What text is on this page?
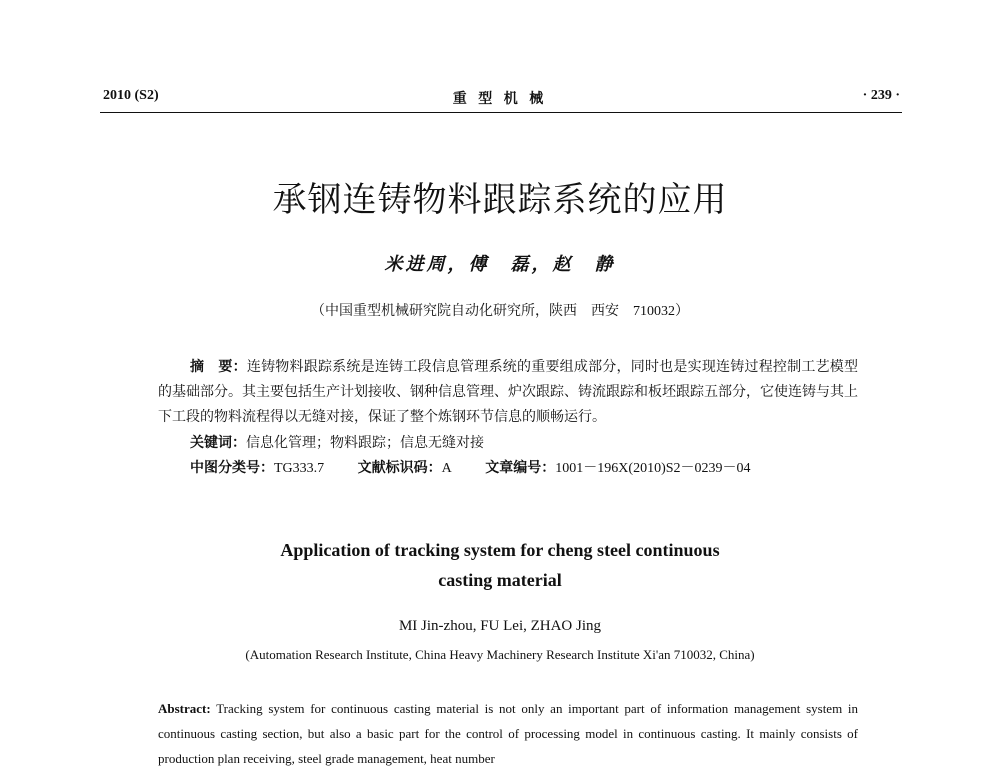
2010 (S2)	重 型 机 械	· 239 ·
承钢连铸物料跟踪系统的应用
米进周，傅　磊，赵　静
（中国重型机械研究院自动化研究所，陕西　西安　710032）
摘　要：连铸物料跟踪系统是连铸工段信息管理系统的重要组成部分，同时也是实现连铸过程控制工艺模型的基础部分。其主要包括生产计划接收、钢种信息管理、炉次跟踪、铸流跟踪和板坯跟踪五部分，它使连铸与其上下工段的物料流程得以无缝对接，保证了整个炼钢环节信息的顺畅运行。
关键词：信息化管理；物料跟踪；信息无缝对接
中图分类号：TG333.7 文献标识码：A 文章编号：1001－196X(2010)S2－0239－04
Application of tracking system for cheng steel continuous
casting material
MI Jin-zhou, FU Lei, ZHAO Jing
(Automation Research Institute, China Heavy Machinery Research Institute Xi'an 710032, China)
Abstract: Tracking system for continuous casting material is not only an important part of information management system in continuous casting section, but also a basic part for the control of processing model in continuous casting. It mainly consists of production plan receiving, steel grade management, heat number
